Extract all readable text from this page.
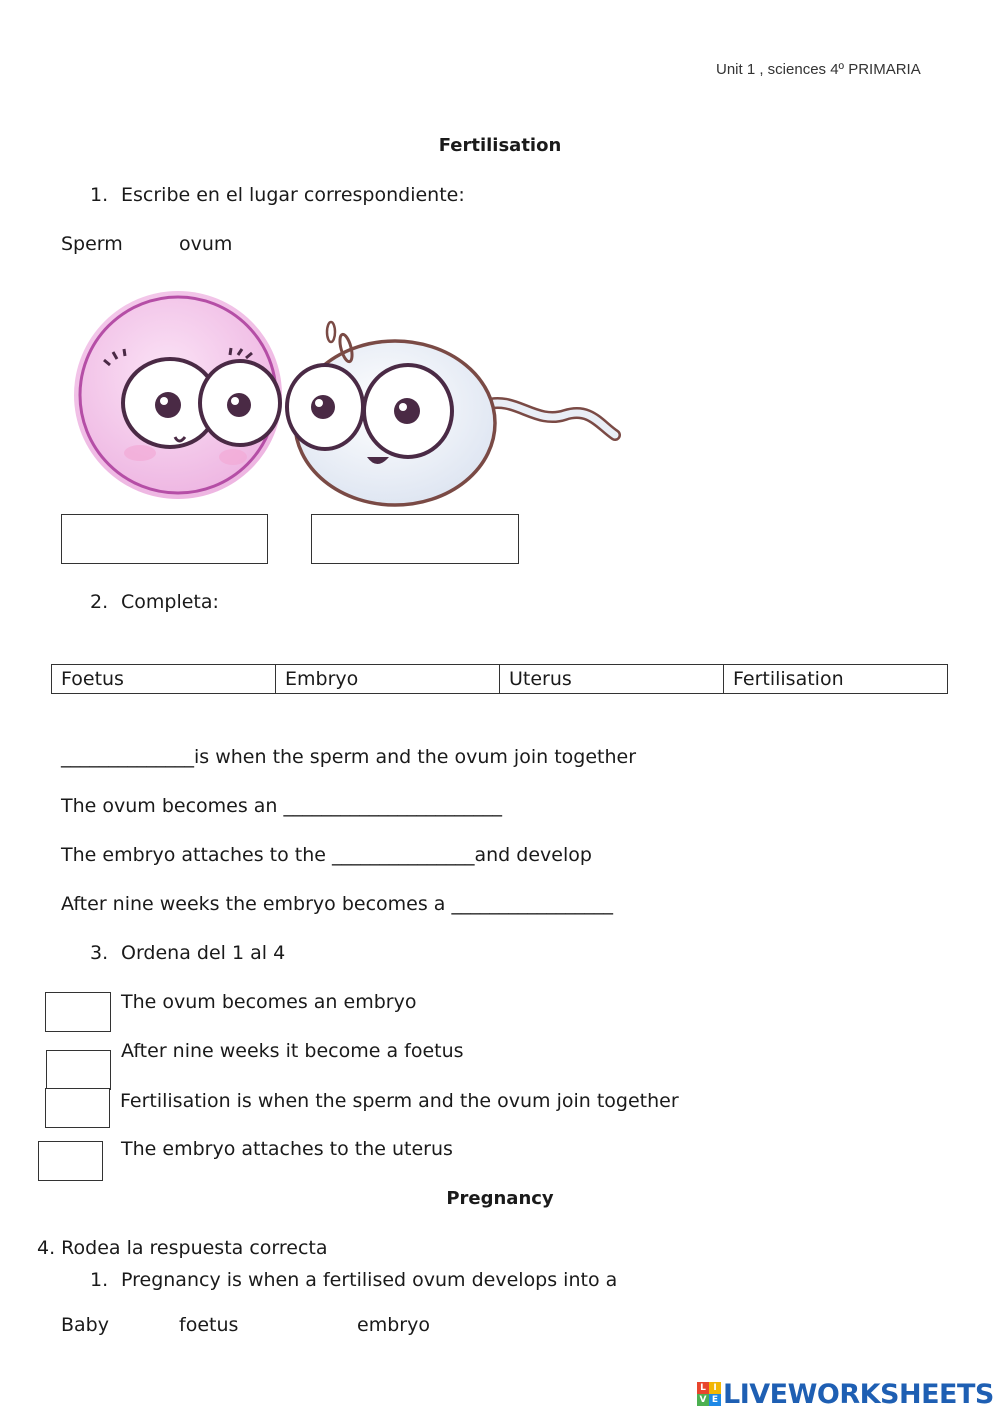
Unit 1 , sciences 4º PRIMARIA
Fertilisation
1. Escribe en el lugar correspondiente:
Sperm	ovum
2. Completa:
Foetus	Embryo	Uterus	Fertilisation
______________is when the sperm and the ovum join together
The ovum becomes an _______________________
The embryo attaches to the _______________and develop
After nine weeks the embryo becomes a _________________
3. Ordena del 1 al 4
The ovum becomes an embryo
After nine weeks it become a foetus
Fertilisation is when the sperm and the ovum join together
The embryo attaches to the uterus
Pregnancy
4. Rodea la respuesta correcta
1. Pregnancy is when a fertilised ovum develops into a
Baby	foetus	embryo
L I
V E LIVEWORKSHEETS
